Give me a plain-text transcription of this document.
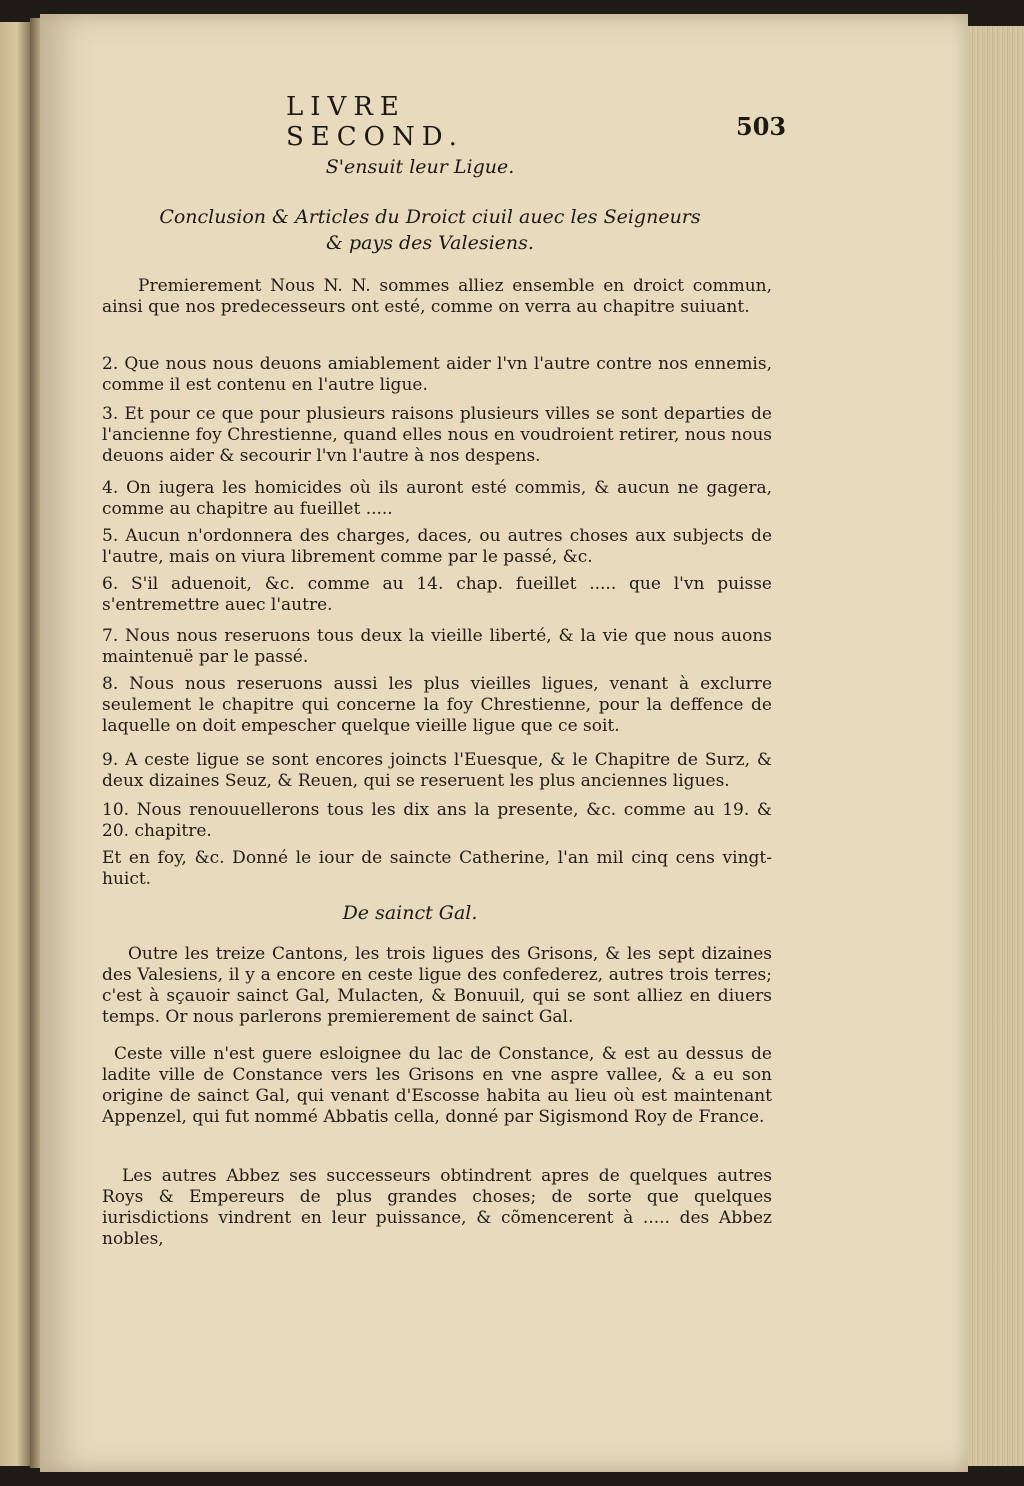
LIVRE SECOND.	503
S'ensuit leur Ligue.
Conclusion & Articles du Droict ciuil auec les Seigneurs & pays des Valesiens.
Premierement Nous N. N. sommes alliez ensemble en droict commun, ainsi que nos predecesseurs ont esté, comme on verra au chapitre suiuant.
2. Que nous nous deuons amiablement aider l'vn l'autre contre nos ennemis, comme il est contenu en l'autre ligue.
3. Et pour ce que pour plusieurs raisons plusieurs villes se sont departies de l'ancienne foy Chrestienne, quand elles nous en voudroient retirer, nous nous deuons aider & secourir l'vn l'autre à nos despens.
4. On iugera les homicides où ils auront esté commis, & aucun ne gagera, comme au chapitre au fueillet .....
5. Aucun n'ordonnera des charges, daces, ou autres choses aux subjects de l'autre, mais on viura librement comme par le passé, &c.
6. S'il aduenoit, &c. comme au 14. chap. fueillet ..... que l'vn puisse s'entremettre auec l'autre.
7. Nous nous reseruons tous deux la vieille liberté, & la vie que nous auons maintenuë par le passé.
8. Nous nous reseruons aussi les plus vieilles ligues, venant à exclurre seulement le chapitre qui concerne la foy Chrestienne, pour la deffence de laquelle on doit empescher quelque vieille ligue que ce soit.
9. A ceste ligue se sont encores joincts l'Euesque, & le Chapitre de Surz, & deux dizaines Seuz, & Reuen, qui se reseruent les plus anciennes ligues.
10. Nous renouuellerons tous les dix ans la presente, &c. comme au 19. & 20. chapitre.
Et en foy, &c. Donné le iour de saincte Catherine, l'an mil cinq cens vingt-huict.
De sainct Gal.
Outre les treize Cantons, les trois ligues des Grisons, & les sept dizaines des Valesiens, il y a encore en ceste ligue des confederez, autres trois terres; c'est à sçauoir sainct Gal, Mulacten, & Bonuuil, qui se sont alliez en diuers temps. Or nous parlerons premierement de sainct Gal.
Ceste ville n'est guere esloignee du lac de Constance, & est au dessus de ladite ville de Constance vers les Grisons en vne aspre vallee, & a eu son origine de sainct Gal, qui venant d'Escosse habita au lieu où est maintenant Appenzel, qui fut nommé Abbatis cella, donné par Sigismond Roy de France.
Les autres Abbez ses successeurs obtindrent apres de quelques autres Roys & Empereurs de plus grandes choses; de sorte que quelques iurisdictions vindrent en leur puissance, & cõmencerent à ..... des Abbez nobles,
